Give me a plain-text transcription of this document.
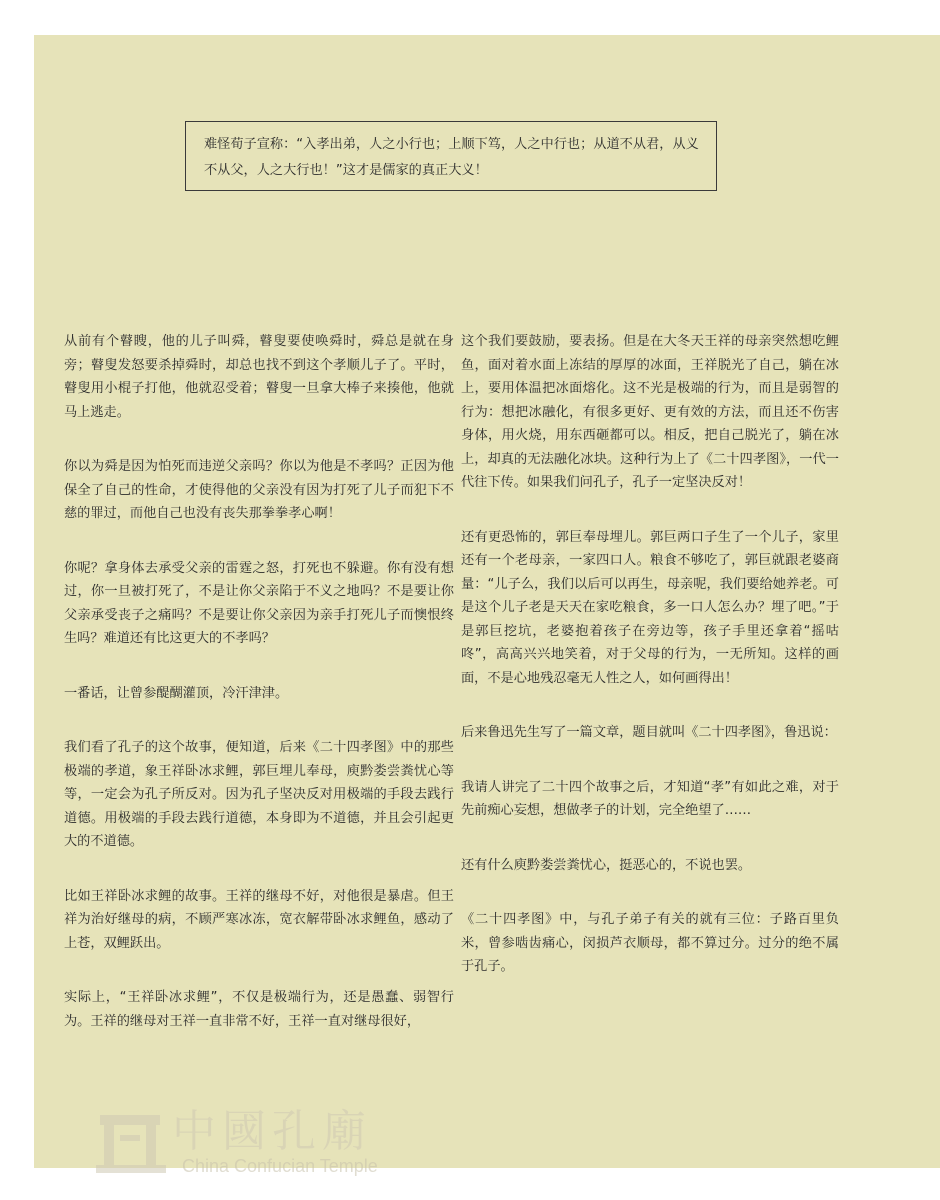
难怪荀子宣称：“入孝出弟，人之小行也；上顺下笃，人之中行也；从道不从君，从义不从父，人之大行也！”这才是儒家的真正大义！

从前有个瞽瞍，他的儿子叫舜，瞽叟要使唤舜时，舜总是就在身旁；瞽叟发怒要杀掉舜时，却总也找不到这个孝顺儿子了。平时，瞽叟用小棍子打他，他就忍受着；瞽叟一旦拿大棒子来揍他，他就马上逃走。

你以为舜是因为怕死而违逆父亲吗？你以为他是不孝吗？正因为他保全了自己的性命，才使得他的父亲没有因为打死了儿子而犯下不慈的罪过，而他自己也没有丧失那拳拳孝心啊！

你呢？拿身体去承受父亲的雷霆之怒，打死也不躲避。你有没有想过，你一旦被打死了，不是让你父亲陷于不义之地吗？不是要让你父亲承受丧子之痛吗？不是要让你父亲因为亲手打死儿子而懊恨终生吗？难道还有比这更大的不孝吗？

一番话，让曾参醍醐灌顶，冷汗津津。

我们看了孔子的这个故事，便知道，后来《二十四孝图》中的那些极端的孝道，象王祥卧冰求鲤，郭巨埋儿奉母，庾黔娄尝粪忧心等等，一定会为孔子所反对。因为孔子坚决反对用极端的手段去践行道德。用极端的手段去践行道德，本身即为不道德，并且会引起更大的不道德。

比如王祥卧冰求鲤的故事。王祥的继母不好，对他很是暴虐。但王祥为治好继母的病，不顾严寒冰冻，宽衣解带卧冰求鲤鱼，感动了上苍，双鲤跃出。

实际上，“王祥卧冰求鲤”，不仅是极端行为，还是愚蠢、弱智行为。王祥的继母对王祥一直非常不好，王祥一直对继母很好，

这个我们要鼓励，要表扬。但是在大冬天王祥的母亲突然想吃鲤鱼，面对着水面上冻结的厚厚的冰面，王祥脱光了自己，躺在冰上，要用体温把冰面熔化。这不光是极端的行为，而且是弱智的行为：想把冰融化，有很多更好、更有效的方法，而且还不伤害身体，用火烧，用东西砸都可以。相反，把自己脱光了，躺在冰上，却真的无法融化冰块。这种行为上了《二十四孝图》，一代一代往下传。如果我们问孔子，孔子一定坚决反对！

还有更恐怖的，郭巨奉母埋儿。郭巨两口子生了一个儿子，家里还有一个老母亲，一家四口人。粮食不够吃了，郭巨就跟老婆商量：“儿子么，我们以后可以再生，母亲呢，我们要给她养老。可是这个儿子老是天天在家吃粮食，多一口人怎么办？埋了吧。”于是郭巨挖坑，老婆抱着孩子在旁边等，孩子手里还拿着“摇咕咚”，高高兴兴地笑着，对于父母的行为，一无所知。这样的画面，不是心地残忍毫无人性之人，如何画得出！

后来鲁迅先生写了一篇文章，题目就叫《二十四孝图》，鲁迅说：

我请人讲完了二十四个故事之后，才知道“孝”有如此之难，对于先前痴心妄想，想做孝子的计划，完全绝望了……

还有什么庾黔娄尝粪忧心，挺恶心的，不说也罢。

《二十四孝图》中，与孔子弟子有关的就有三位：子路百里负米，曾参啮齿痛心，闵损芦衣顺母，都不算过分。过分的绝不属于孔子。

中國孔廟
China Confucian Temple
